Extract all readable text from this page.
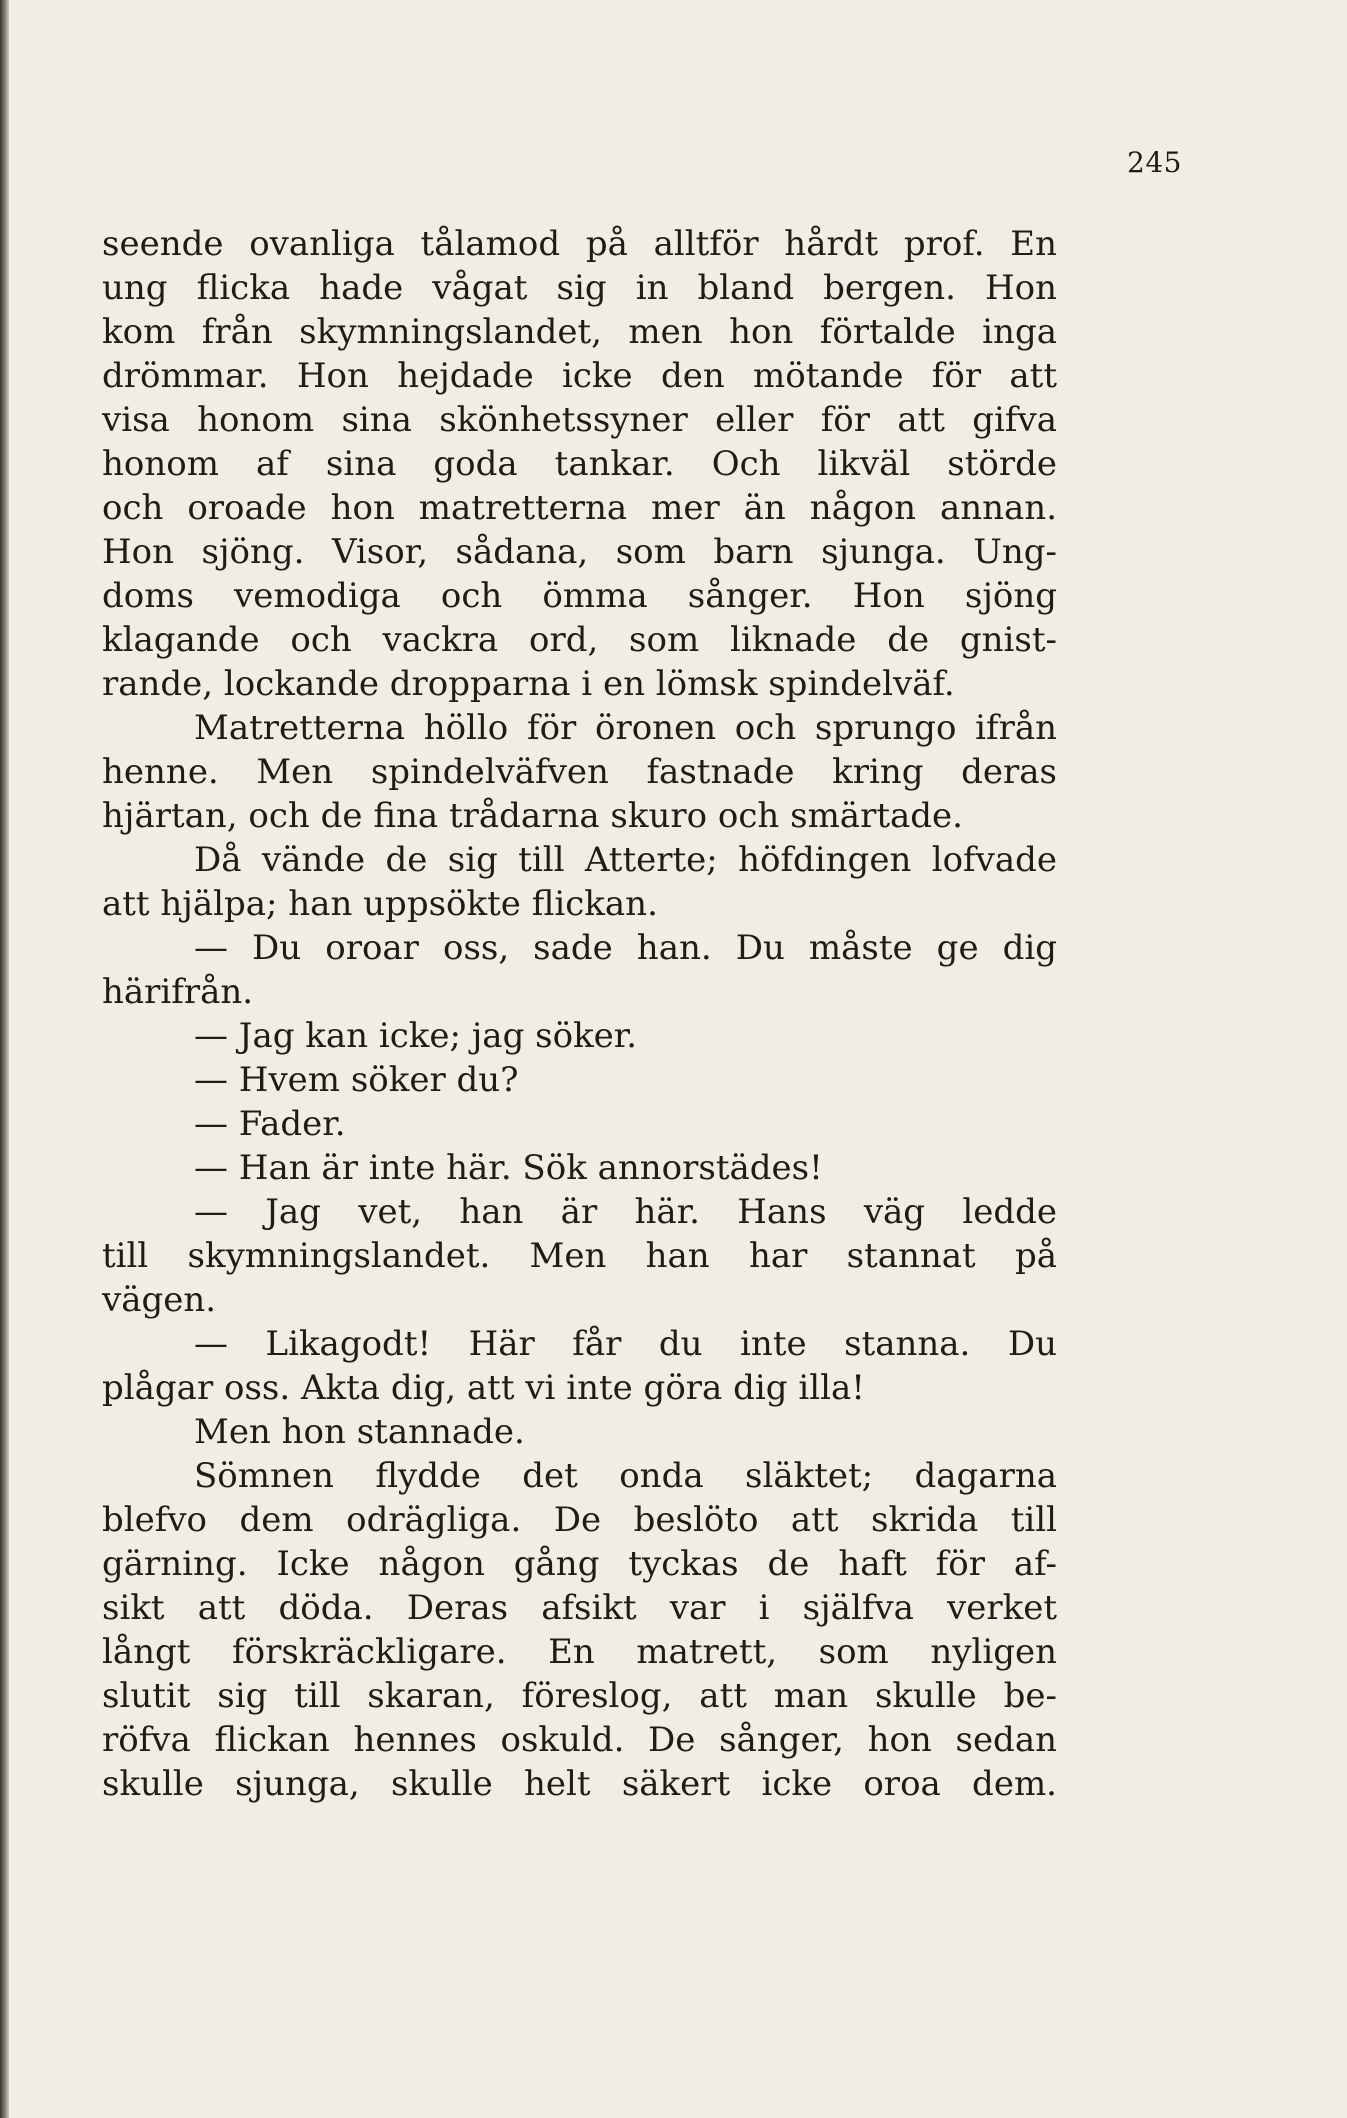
245
seende ovanliga tålamod på alltför hårdt prof. En
ung flicka hade vågat sig in bland bergen. Hon
kom från skymningslandet, men hon förtalde inga
drömmar. Hon hejdade icke den mötande för att
visa honom sina skönhetssyner eller för att gifva
honom af sina goda tankar. Och likväl störde
och oroade hon matretterna mer än någon annan.
Hon sjöng. Visor, sådana, som barn sjunga. Ung-
doms vemodiga och ömma sånger. Hon sjöng
klagande och vackra ord, som liknade de gnist-
rande, lockande dropparna i en lömsk spindelväf.
Matretterna höllo för öronen och sprungo ifrån
henne. Men spindelväfven fastnade kring deras
hjärtan, och de fina trådarna skuro och smärtade.
Då vände de sig till Atterte; höfdingen lofvade
att hjälpa; han uppsökte flickan.
— Du oroar oss, sade han. Du måste ge dig
härifrån.
— Jag kan icke; jag söker.
— Hvem söker du?
— Fader.
— Han är inte här. Sök annorstädes!
— Jag vet, han är här. Hans väg ledde
till skymningslandet. Men han har stannat på
vägen.
— Likagodt! Här får du inte stanna. Du
plågar oss. Akta dig, att vi inte göra dig illa!
Men hon stannade.
Sömnen flydde det onda släktet; dagarna
blefvo dem odrägliga. De beslöto att skrida till
gärning. Icke någon gång tyckas de haft för af-
sikt att döda. Deras afsikt var i själfva verket
långt förskräckligare. En matrett, som nyligen
slutit sig till skaran, föreslog, att man skulle be-
röfva flickan hennes oskuld. De sånger, hon sedan
skulle sjunga, skulle helt säkert icke oroa dem.
